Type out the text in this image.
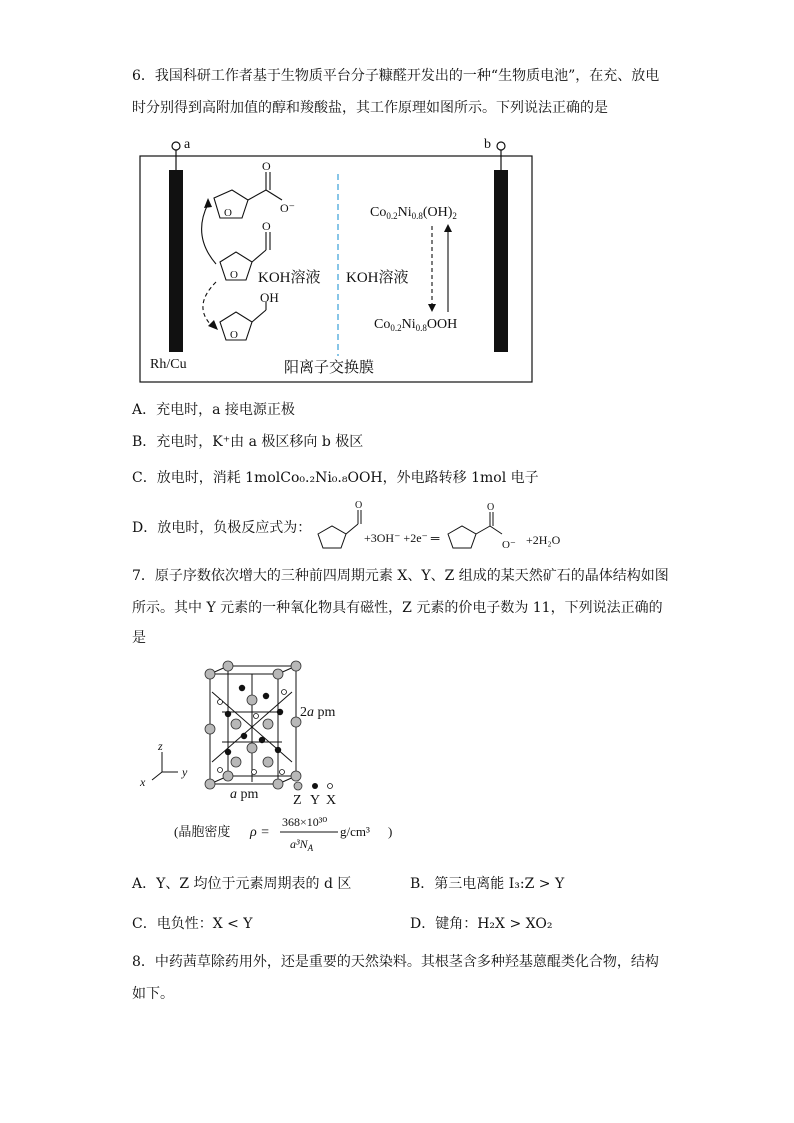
6．我国科研工作者基于生物质平台分子糠醛开发出的一种“生物质电池”，在充、放电
时分别得到高附加值的醇和羧酸盐，其工作原理如图所示。下列说法正确的是
a	b
O
O⁻
O
O
O
OH
O
KOH溶液 KOH溶液
$Co_{0.2}Ni_{0.8}(OH)_2$
$Co_{0.2}Ni_{0.8}OOH$
Rh/Cu	阳离子交换膜
A．充电时，a 接电源正极
B．充电时，K⁺由 a 极区移向 b 极区
C．放电时，消耗 1molCo₀.₂Ni₀.₈OOH，外电路转移 1mol 电子
D．放电时，负极反应式为：
O
+3OH⁻ +2e⁻ ═
O
O⁻ +2H₂O
7．原子序数依次增大的三种前四周期元素 X、Y、Z 组成的某天然矿石的晶体结构如图
所示。其中 Y 元素的一种氧化物具有磁性，Z 元素的价电子数为 11，下列说法正确的
是
z
y
x
2a pm
a pm Z Y X
(晶胞密度 ρ =
368×10³⁰
$a^3N_A$
g/cm³ )
A．Y、Z 均位于元素周期表的 d 区	B．第三电离能 I₃:Z > Y
C．电负性：X < Y	D．键角：H₂X > XO₂
8．中药茜草除药用外，还是重要的天然染料。其根茎含多种羟基蒽醌类化合物，结构
如下。
